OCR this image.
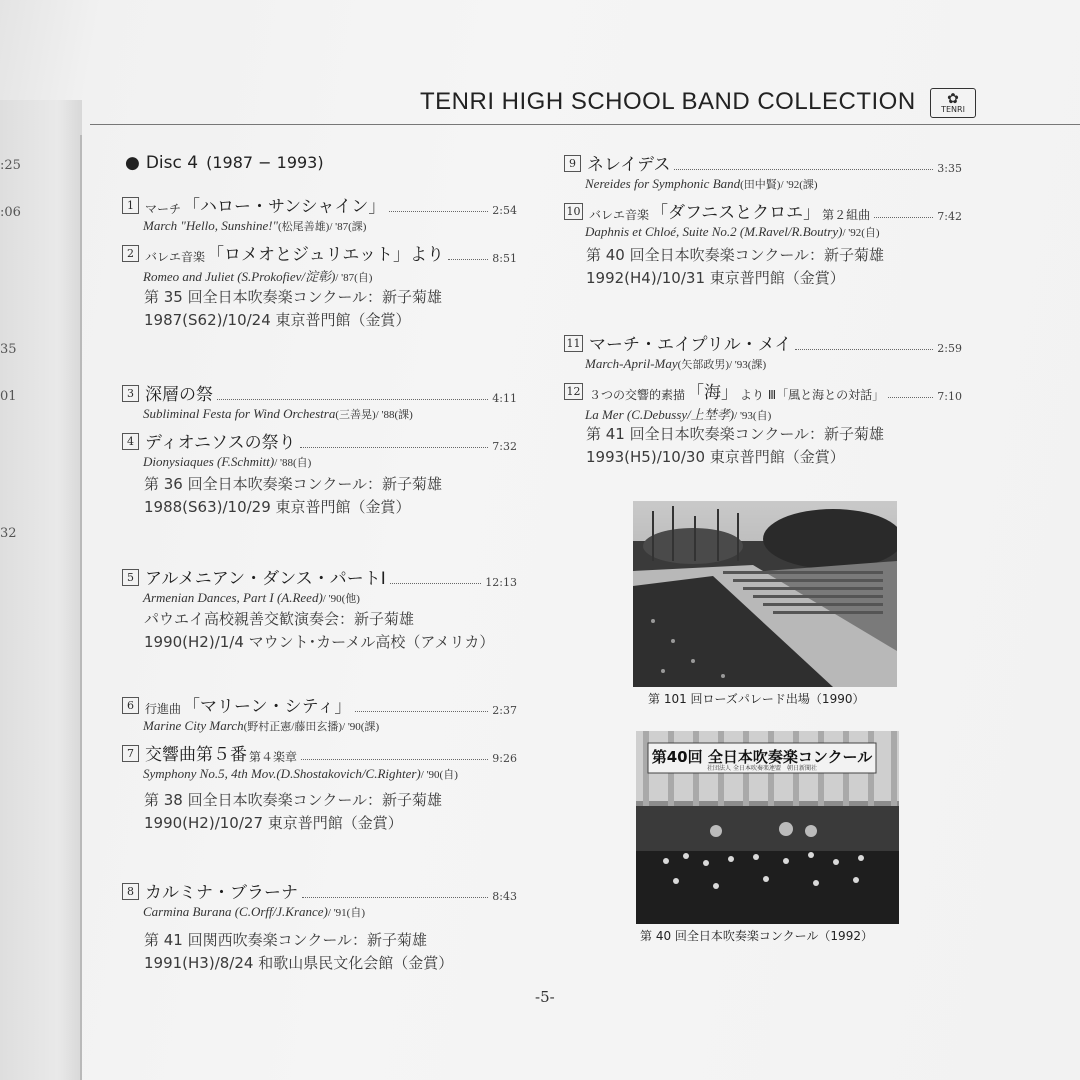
:25
:06
35
01
32
TENRI HIGH SCHOOL BAND COLLECTION	✿
TENRI
● Disc 4 (1987 − 1993)
1 マーチ 「ハロー・サンシャイン」	2:54
March "Hello, Sunshine!"(松尾善雄)/ '87(課)
2 バレエ音楽 「ロメオとジュリエット」より	8:51
Romeo and Juliet (S.Prokofiev/淀彰)/ '87(自)
第 35 回全日本吹奏楽コンクール：新子菊雄
1987(S62)/10/24 東京普門館（金賞）
3 深層の祭	4:11
Subliminal Festa for Wind Orchestra(三善晃)/ '88(課)
4 ディオニソスの祭り	7:32
Dionysiaques (F.Schmitt)/ '88(自)
第 36 回全日本吹奏楽コンクール：新子菊雄
1988(S63)/10/29 東京普門館（金賞）
5 アルメニアン・ダンス・パートI	12:13
Armenian Dances, Part I (A.Reed)/ '90(他)
パウエイ高校親善交歓演奏会：新子菊雄
1990(H2)/1/4 マウント･カーメル高校（アメリカ）
6 行進曲 「マリーン・シティ」	2:37
Marine City March(野村正憲/藤田玄播)/ '90(課)
7 交響曲第５番 第４楽章	9:26
Symphony No.5, 4th Mov.(D.Shostakovich/C.Righter)/ '90(自)
第 38 回全日本吹奏楽コンクール：新子菊雄
1990(H2)/10/27 東京普門館（金賞）
8 カルミナ・ブラーナ	8:43
Carmina Burana (C.Orff/J.Krance)/ '91(自)
第 41 回関西吹奏楽コンクール：新子菊雄
1991(H3)/8/24 和歌山県民文化会館（金賞）
9 ネレイデス	3:35
Nereides for Symphonic Band(田中賢)/ '92(課)
10 バレエ音楽 「ダフニスとクロエ」 第２組曲	7:42
Daphnis et Chloé, Suite No.2 (M.Ravel/R.Boutry)/ '92(自)
第 40 回全日本吹奏楽コンクール：新子菊雄
1992(H4)/10/31 東京普門館（金賞）
11 マーチ・エイプリル・メイ	2:59
March-April-May(矢部政男)/ '93(課)
12 ３つの交響的素描 「海」 より Ⅲ「風と海との対話」	7:10
La Mer (C.Debussy/上埜孝)/ '93(自)
第 41 回全日本吹奏楽コンクール：新子菊雄
1993(H5)/10/30 東京普門館（金賞）
第 101 回ローズパレード出場（1990）
第40回 全日本吹奏楽コンクール
社団法人 全日本吹奏楽連盟　朝日新聞社
第 40 回全日本吹奏楽コンクール（1992）
-5-
